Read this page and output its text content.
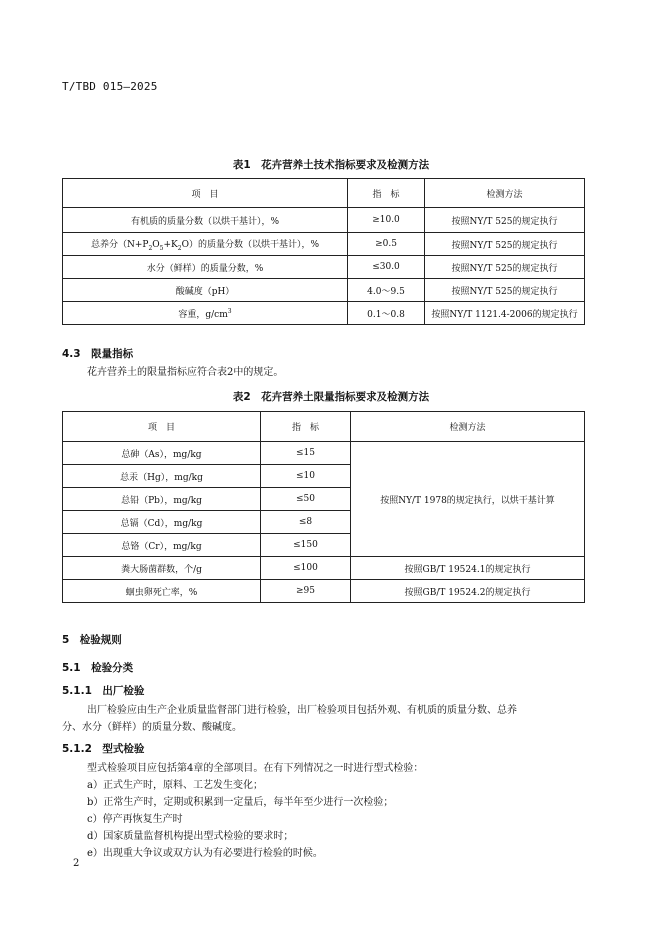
T/TBD 015—2025
表1　花卉营养土技术指标要求及检测方法
项　目	指　标	检测方法
有机质的质量分数（以烘干基计），%	≥10.0	按照NY/T 525的规定执行
总养分$(N+P_2O_5+K_2O)$的质量分数（以烘干基计），%	≥0.5	按照NY/T 525的规定执行
水分（鲜样）的质量分数，%	≤30.0	按照NY/T 525的规定执行
酸碱度（pH）	4.0～9.5	按照NY/T 525的规定执行
容重，$g/cm^3$	0.1～0.8	按照NY/T 1121.4-2006的规定执行
4.3　限量指标
花卉营养土的限量指标应符合表2中的规定。
表2　花卉营养土限量指标要求及检测方法
项　目	指　标	检测方法
总砷（As），mg/kg	≤15	按照NY/T 1978的规定执行，以烘干基计算
总汞（Hg），mg/kg	≤10	
总铅（Pb），mg/kg	≤50	
总镉（Cd），mg/kg	≤8	
总铬（Cr），mg/kg	≤150	
粪大肠菌群数，个/g	≤100	按照GB/T 19524.1的规定执行
蛔虫卵死亡率，%	≥95	按照GB/T 19524.2的规定执行
5　检验规则
5.1　检验分类
5.1.1　出厂检验
出厂检验应由生产企业质量监督部门进行检验，出厂检验项目包括外观、有机质的质量分数、总养
分、水分（鲜样）的质量分数、酸碱度。
5.1.2　型式检验
型式检验项目应包括第4章的全部项目。在有下列情况之一时进行型式检验：
a）正式生产时，原料、工艺发生变化；
b）正常生产时，定期或积累到一定量后，每半年至少进行一次检验；
c）停产再恢复生产时
d）国家质量监督机构提出型式检验的要求时；
e）出现重大争议或双方认为有必要进行检验的时候。
2
